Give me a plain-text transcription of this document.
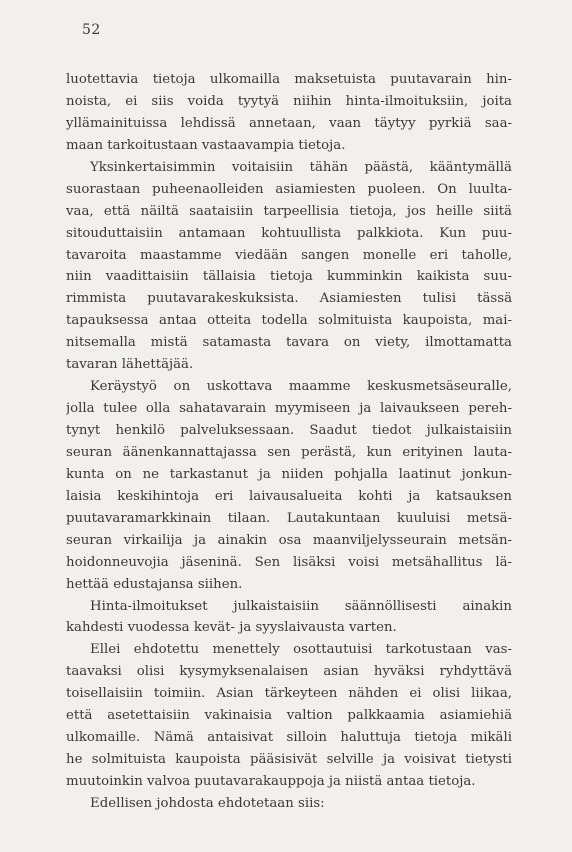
52
luotettavia tietoja ulkomailla maksetuista puutavarain hin-
noista, ei siis voida tyytyä niihin hinta-ilmoituksiin, joita
yllämainituissa lehdissä annetaan, vaan täytyy pyrkiä saa-
maan tarkoitustaan vastaavampia tietoja.
Yksinkertaisimmin voitaisiin tähän päästä, kääntymällä
suorastaan puheenaolleiden asiamiesten puoleen. On luulta-
vaa, että näiltä saataisiin tarpeellisia tietoja, jos heille siitä
sitouduttaisiin antamaan kohtuullista palkkiota. Kun puu-
tavaroita maastamme viedään sangen monelle eri taholle,
niin vaadittaisiin tällaisia tietoja kumminkin kaikista suu-
rimmista puutavarakeskuksista. Asiamiesten tulisi tässä
tapauksessa antaa otteita todella solmituista kaupoista, mai-
nitsemalla mistä satamasta tavara on viety, ilmottamatta
tavaran lähettäjää.
Keräystyö on uskottava maamme keskusmetsäseuralle,
jolla tulee olla sahatavarain myymiseen ja laivaukseen pereh-
tynyt henkilö palveluksessaan. Saadut tiedot julkaistaisiin
seuran äänenkannattajassa sen perästä, kun erityinen lauta-
kunta on ne tarkastanut ja niiden pohjalla laatinut jonkun-
laisia keskihintoja eri laivausalueita kohti ja katsauksen
puutavaramarkkinain tilaan. Lautakuntaan kuuluisi metsä-
seuran virkailija ja ainakin osa maanviljelysseurain metsän-
hoidonneuvojia jäseninä. Sen lisäksi voisi metsähallitus lä-
hettää edustajansa siihen.
Hinta-ilmoitukset julkaistaisiin säännöllisesti ainakin
kahdesti vuodessa kevät- ja syyslaivausta varten.
Ellei ehdotettu menettely osottautuisi tarkotustaan vas-
taavaksi olisi kysymyksenalaisen asian hyväksi ryhdyttävä
toisellaisiin toimiin. Asian tärkeyteen nähden ei olisi liikaa,
että asetettaisiin vakinaisia valtion palkkaamia asiamiehiä
ulkomaille. Nämä antaisivat silloin haluttuja tietoja mikäli
he solmituista kaupoista pääsisivät selville ja voisivat tietysti
muutoinkin valvoa puutavarakauppoja ja niistä antaa tietoja.
Edellisen johdosta ehdotetaan siis:
